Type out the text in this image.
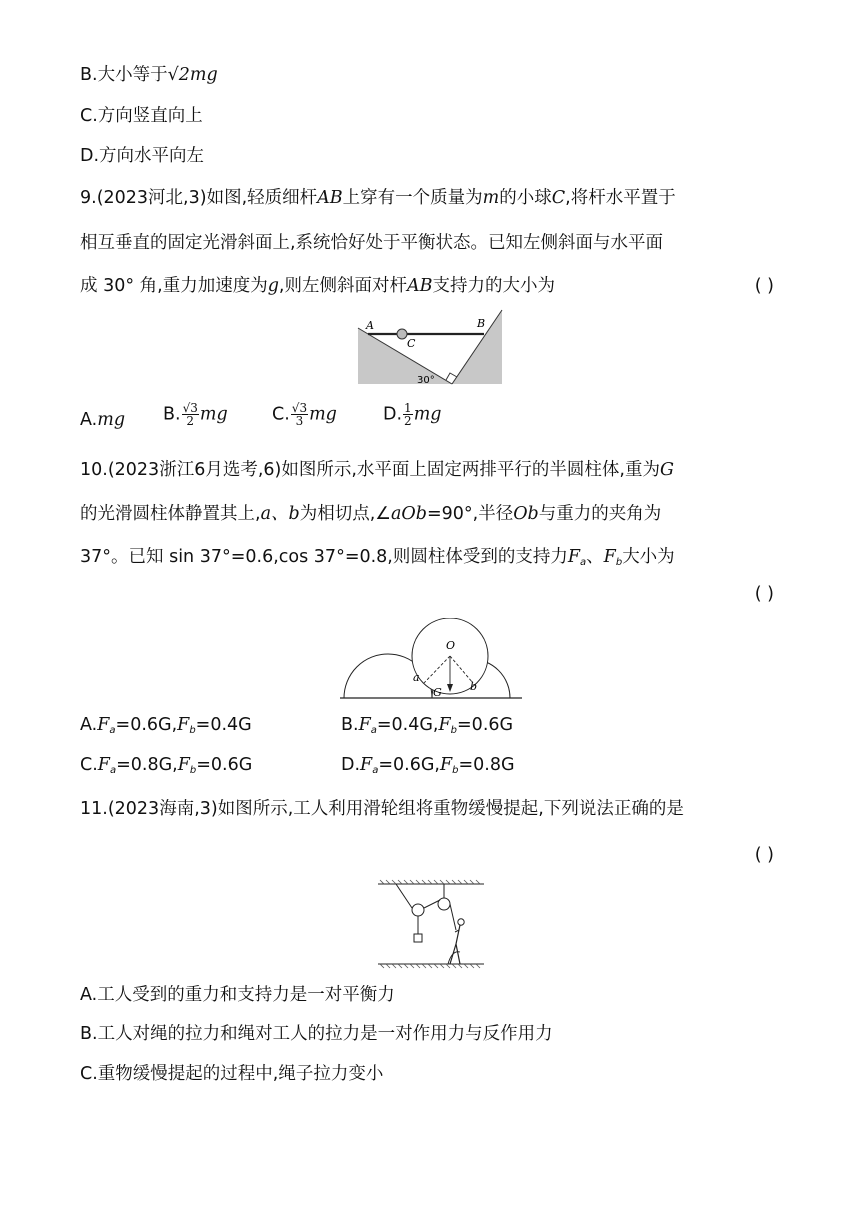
B.大小等于√2mg
C.方向竖直向上
D.方向水平向左
9.(2023河北,3)如图,轻质细杆AB上穿有一个质量为m的小球C,将杆水平置于
相互垂直的固定光滑斜面上,系统恰好处于平衡状态。已知左侧斜面与水平面
成 30° 角,重力加速度为g,则左侧斜面对杆AB支持力的大小为	( )
A	B
C
30°
A.mg B. $\frac{√3}{2}$ mg	C. $\frac{√3}{3}$ mg	D. $\frac{1}{2}$ mg
10.(2023浙江6月选考,6)如图所示,水平面上固定两排平行的半圆柱体,重为G
的光滑圆柱体静置其上,a、b为相切点,∠aOb=90°,半径Ob与重力的夹角为
37°。已知 sin 37°=0.6,cos 37°=0.8,则圆柱体受到的支持力$F_a$、$F_b$大小为
( )
O
a
b
G
$A.F_a=0.6G,F_b=0.4G$	$B.F_a=0.4G,F_b=0.6G$
$C.F_a=0.8G,F_b=0.6G$	$D.F_a=0.6G,F_b=0.8G$
11.(2023海南,3)如图所示,工人利用滑轮组将重物缓慢提起,下列说法正确的是
( )
A.工人受到的重力和支持力是一对平衡力
B.工人对绳的拉力和绳对工人的拉力是一对作用力与反作用力
C.重物缓慢提起的过程中,绳子拉力变小
